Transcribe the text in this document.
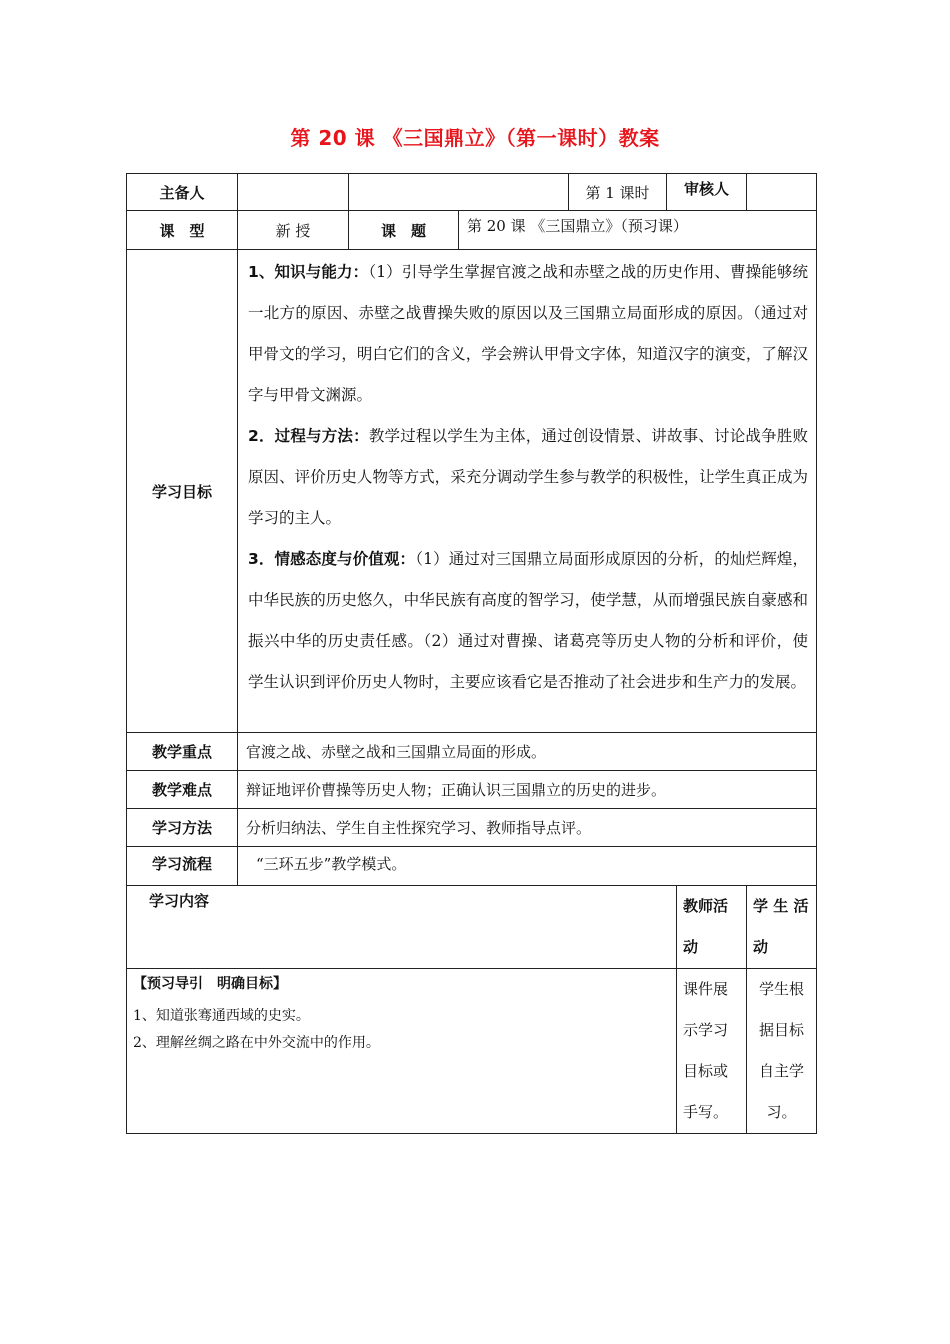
第 20 课 《三国鼎立》（第一课时）教案
主备人				第 1 课时	审核人		
课　型	新 授	课　题	第 20 课 《三国鼎立》（预习课）				
学习目标	1、知识与能力：（1）引导学生掌握官渡之战和赤壁之战的历史作用、曹操能够统一北方的原因、赤壁之战曹操失败的原因以及三国鼎立局面形成的原因。（通过对甲骨文的学习，明白它们的含义，学会辨认甲骨文字体，知道汉字的演变，了解汉字与甲骨文渊源。

2．过程与方法：教学过程以学生为主体，通过创设情景、讲故事、讨论战争胜败原因、评价历史人物等方式，采充分调动学生参与教学的积极性，让学生真正成为学习的主人。

3．情感态度与价值观：（1）通过对三国鼎立局面形成原因的分析，的灿烂辉煌，中华民族的历史悠久，中华民族有高度的智学习，使学慧，从而增强民族自豪感和振兴中华的历史责任感。（2）通过对曹操、诸葛亮等历史人物的分析和评价，使学生认识到评价历史人物时，主要应该看它是否推动了社会进步和生产力的发展。						

教学重点	官渡之战、赤壁之战和三国鼎立局面的形成。						
教学难点	辩证地评价曹操等历史人物；正确认识三国鼎立的历史的进步。						
学习方法	分析归纳法、学生自主性探究学习、教师指导点评。						
学习流程	“三环五步”教学模式。						
学习内容						教师活动	学 生 活动

【预习导引　明确目标】
1、知道张骞通西域的史实。
2、理解丝绸之路在中外交流中的作用。						课件展示学习目标或手写。	学生根据目标自主学习。
